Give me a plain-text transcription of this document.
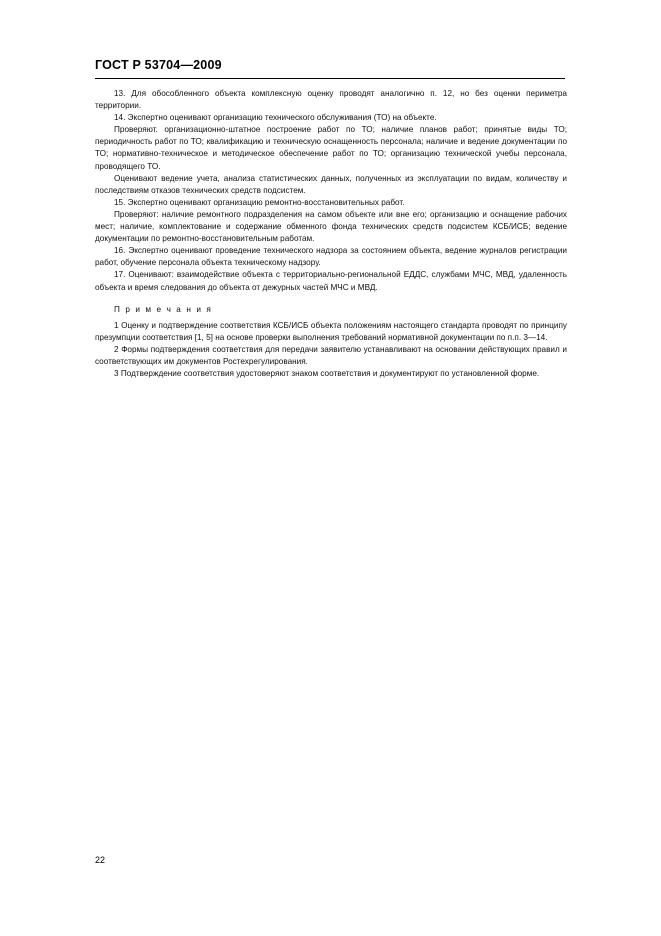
ГОСТ Р 53704—2009

13. Для обособленного объекта комплексную оценку проводят аналогично п. 12, но без оценки периметра территории.

14. Экспертно оценивают организацию технического обслуживания (ТО) на объекте.

Проверяют. организационно-штатное построение работ по ТО; наличие планов работ; принятые виды ТО; периодичность работ по ТО; квалификацию и техническую оснащенность персонала; наличие и ведение документации по ТО; нормативно-техническое и методическое обеспечение работ по ТО; организацию технической учебы персонала, проводящего ТО.

Оценивают ведение учета, анализа статистических данных, полученных из эксплуатации по видам, количеству и последствиям отказов технических средств подсистем.

15. Экспертно оценивают организацию ремонтно-восстановительных работ.

Проверяют: наличие ремонтного подразделения на самом объекте или вне его; организацию и оснащение рабочих мест; наличие, комплектование и содержание обменного фонда технических средств подсистем КСБ/ИСБ; ведение документации по ремонтно-восстановительным работам.

16. Экспертно оценивают проведение технического надзора за состоянием объекта, ведение журналов регистрации работ, обучение персонала объекта техническому надзору.

17. Оценивают: взаимодействие объекта с территориально-региональной ЕДДС, службами МЧС, МВД, удаленность объекта и время следования до объекта от дежурных частей МЧС и МВД.

П р и м е ч а н и я

1 Оценку и подтверждение соответствия КСБ/ИСБ объекта положениям настоящего стандарта проводят по принципу презумпции соответствия [1, 5] на основе проверки выполнения требований нормативной документации по п.п. 3—14.

2 Формы подтверждения соответствия для передачи заявителю устанавливают на основании действующих правил и соответствующих им документов Ростехрегулирования.

3 Подтверждение соответствия удостоверяют знаком соответствия и документируют по установленной форме.

22
